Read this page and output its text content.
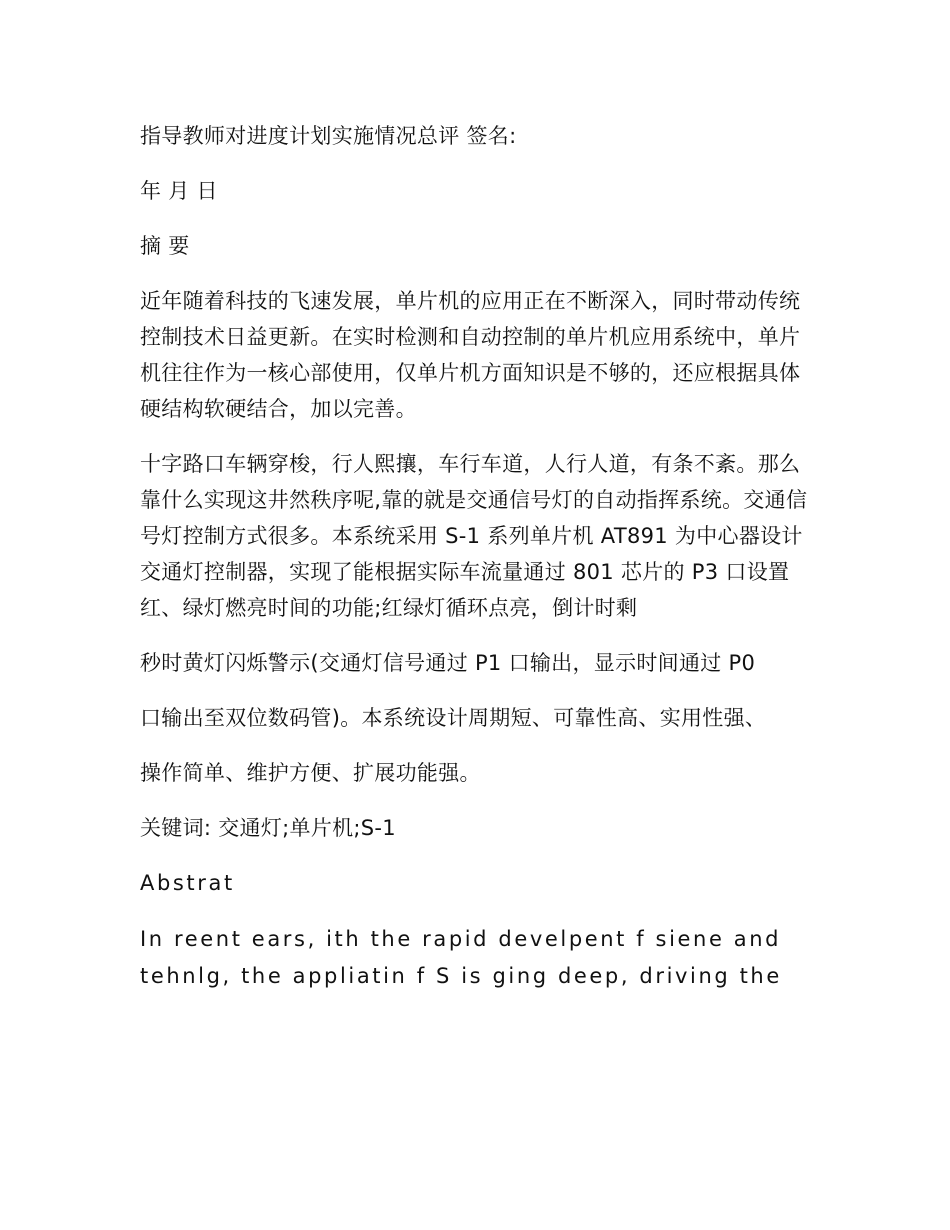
指导教师对进度计划实施情况总评 签名:

年 月 日

摘 要

近年随着科技的飞速发展，单片机的应用正在不断深入，同时带动传统控制技术日益更新。在实时检测和自动控制的单片机应用系统中，单片机往往作为一核心部使用，仅单片机方面知识是不够的，还应根据具体硬结构软硬结合，加以完善。

十字路口车辆穿梭，行人熙攘，车行车道，人行人道，有条不紊。那么靠什么实现这井然秩序呢,靠的就是交通信号灯的自动指挥系统。交通信号灯控制方式很多。本系统采用 S-1 系列单片机 AT891 为中心器设计交通灯控制器，实现了能根据实际车流量通过 801 芯片的 P3 口设置红、绿灯燃亮时间的功能;红绿灯循环点亮，倒计时剩

秒时黄灯闪烁警示(交通灯信号通过 P1 口输出，显示时间通过 P0

口输出至双位数码管)。本系统设计周期短、可靠性高、实用性强、

操作简单、维护方便、扩展功能强。

关键词: 交通灯;单片机;S-1

Abstrat

In reent ears, ith the rapid develpent f siene and tehnlg, the appliatin f S is ging deep, driving the
